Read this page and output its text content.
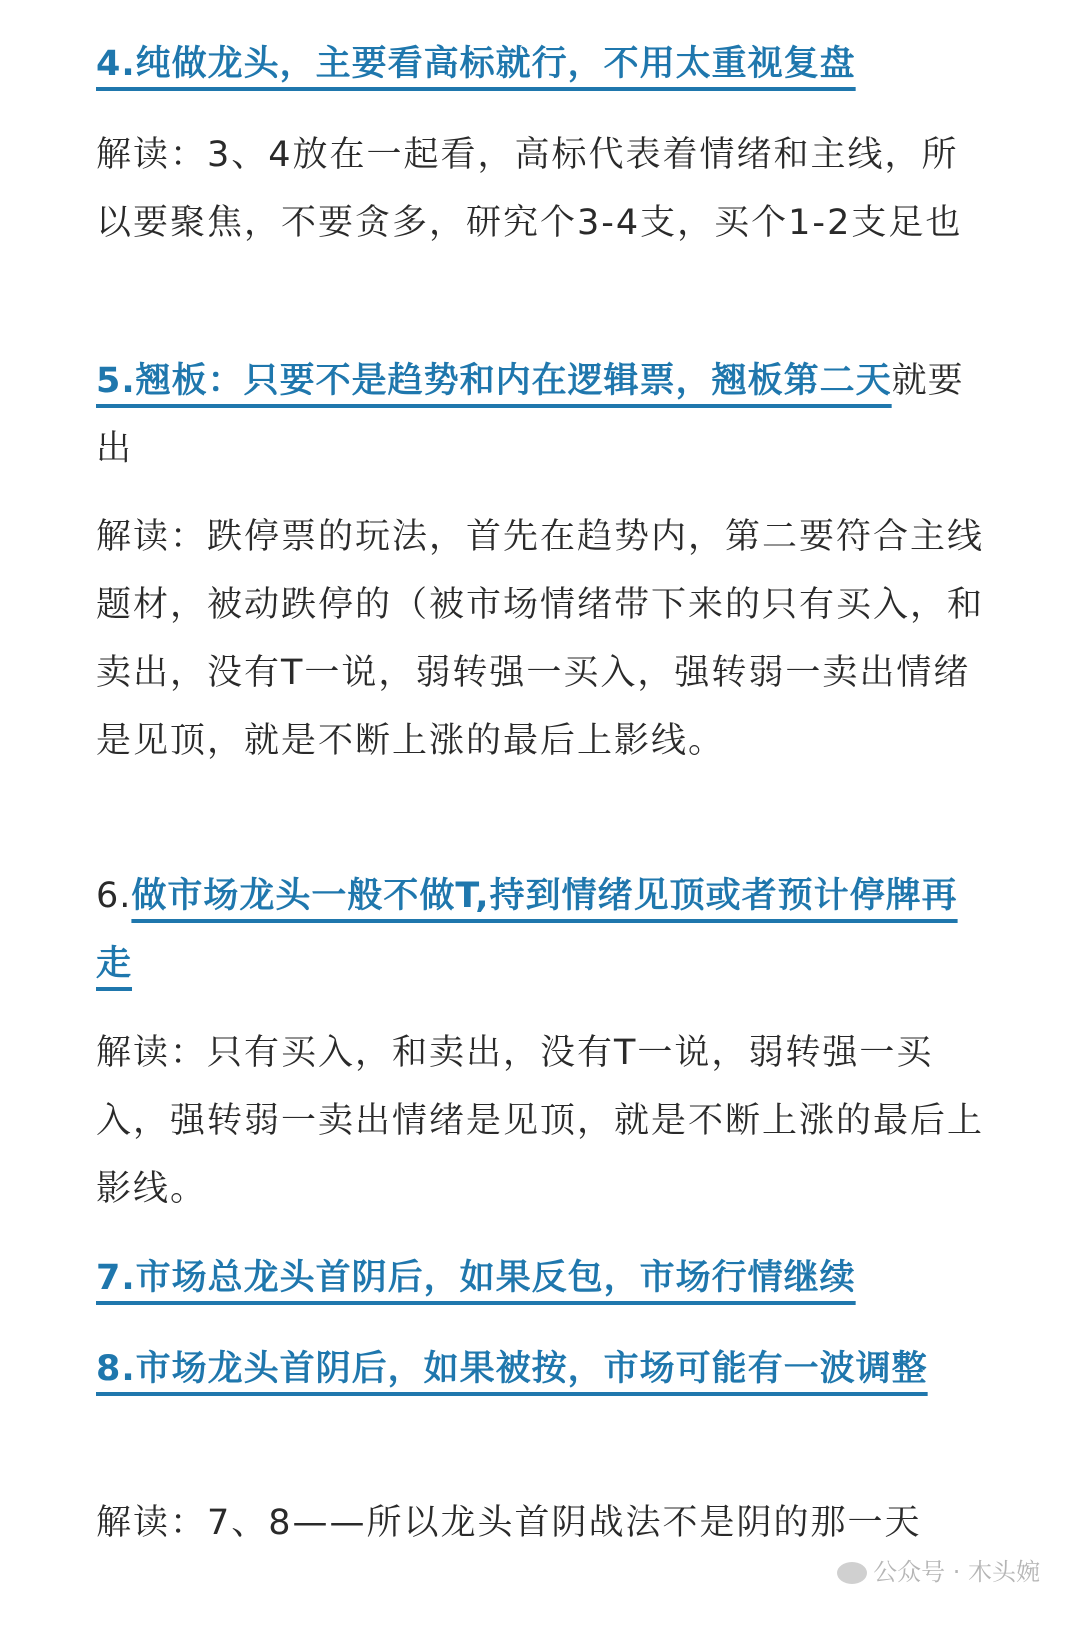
4.纯做龙头，主要看高标就行，不用太重视复盘

解读：3、4放在一起看，高标代表着情绪和主线，所以要聚焦，不要贪多，研究个3-4支，买个1-2支足也

5.翘板：只要不是趋势和内在逻辑票，翘板第二天就要出

解读：跌停票的玩法，首先在趋势内，第二要符合主线题材，被动跌停的（被市场情绪带下来的只有买入，和卖出，没有T一说，弱转强一买入，强转弱一卖出情绪是见顶，就是不断上涨的最后上影线。

6.做市场龙头一般不做T,持到情绪见顶或者预计停牌再走

解读：只有买入，和卖出，没有T一说，弱转强一买入，强转弱一卖出情绪是见顶，就是不断上涨的最后上影线。

7.市场总龙头首阴后，如果反包，市场行情继续

8.市场龙头首阴后，如果被按，市场可能有一波调整

解读：7、8——所以龙头首阴战法不是阴的那一天

公众号 · 木头婉
